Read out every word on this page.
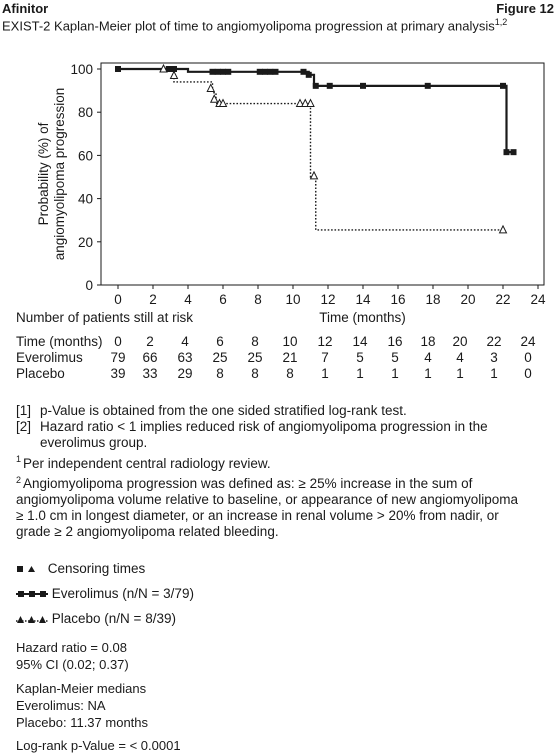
Afinitor	Figure 12
EXIST-2 Kaplan-Meier plot of time to angiomyolipoma progression at primary analysis$^{1,2}$
0 2 4 6 8 10 12 14 16 18 20 22 24
0
20
40
60
80
100
Time (months)
Probability (%) of angiomyolipoma progression
Number of patients still at risk
Time (months) 0	2	4	6	8	10	12	14	16	18	20	22	24
Everolimus	79	66	63	25	25	21	7	5	5	4	4	3	0
Placebo	39	33	29	8	8	8	1	1	1	1	1	1	0
[1] p-Value is obtained from the one sided stratified log-rank test.
[2] Hazard ratio < 1 implies reduced risk of angiomyolipoma progression in the
everolimus group.
$^1$ Per independent central radiology review.
$^2$ Angiomyolipoma progression was defined as: ≥ 25% increase in the sum of
angiomyolipoma volume relative to baseline, or appearance of new angiomyolipoma
≥ 1.0 cm in longest diameter, or an increase in renal volume > 20% from nadir, or
grade ≥ 2 angiomyolipoma related bleeding.
Censoring times
Everolimus (n/N = 3/79)
Placebo (n/N = 8/39)
Hazard ratio = 0.08
95% CI (0.02; 0.37)
Kaplan-Meier medians
Everolimus: NA
Placebo: 11.37 months
Log-rank p-Value = < 0.0001
